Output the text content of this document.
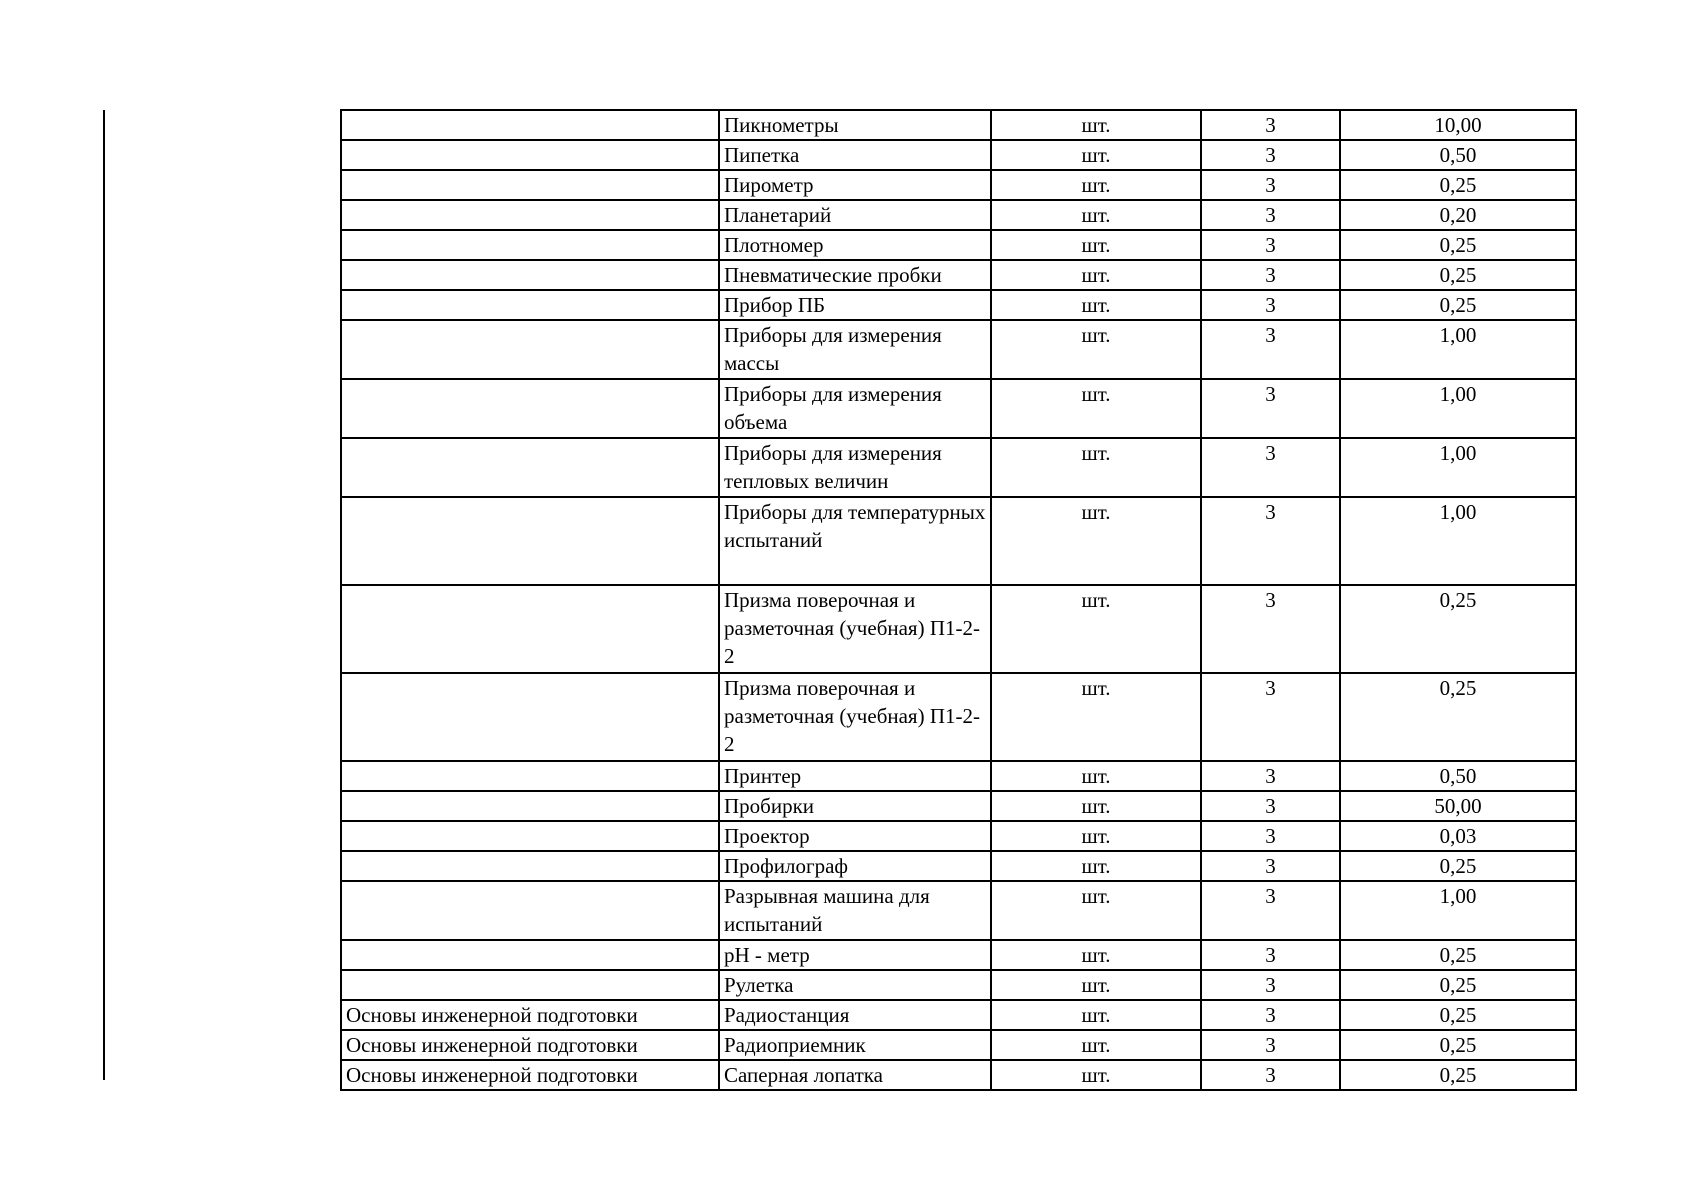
	Пикнометры	шт.	3	10,00
	Пипетка	шт.	3	0,50
	Пирометр	шт.	3	0,25
	Планетарий	шт.	3	0,20
	Плотномер	шт.	3	0,25
	Пневматические пробки	шт.	3	0,25
	Прибор ПБ	шт.	3	0,25
	Приборы для измерения массы	шт.	3	1,00
	Приборы для измерения объема	шт.	3	1,00
	Приборы для измерения тепловых величин	шт.	3	1,00
	Приборы для температурных испытаний	шт.	3	1,00
	Призма поверочная и разметочная (учебная) П1-2-2	шт.	3	0,25
	Призма поверочная и разметочная (учебная) П1-2-2	шт.	3	0,25
	Принтер	шт.	3	0,50
	Пробирки	шт.	3	50,00
	Проектор	шт.	3	0,03
	Профилограф	шт.	3	0,25
	Разрывная машина для испытаний	шт.	3	1,00
	pH - метр	шт.	3	0,25
	Рулетка	шт.	3	0,25
Основы инженерной подготовки	Радиостанция	шт.	3	0,25
Основы инженерной подготовки	Радиоприемник	шт.	3	0,25
Основы инженерной подготовки	Саперная лопатка	шт.	3	0,25
